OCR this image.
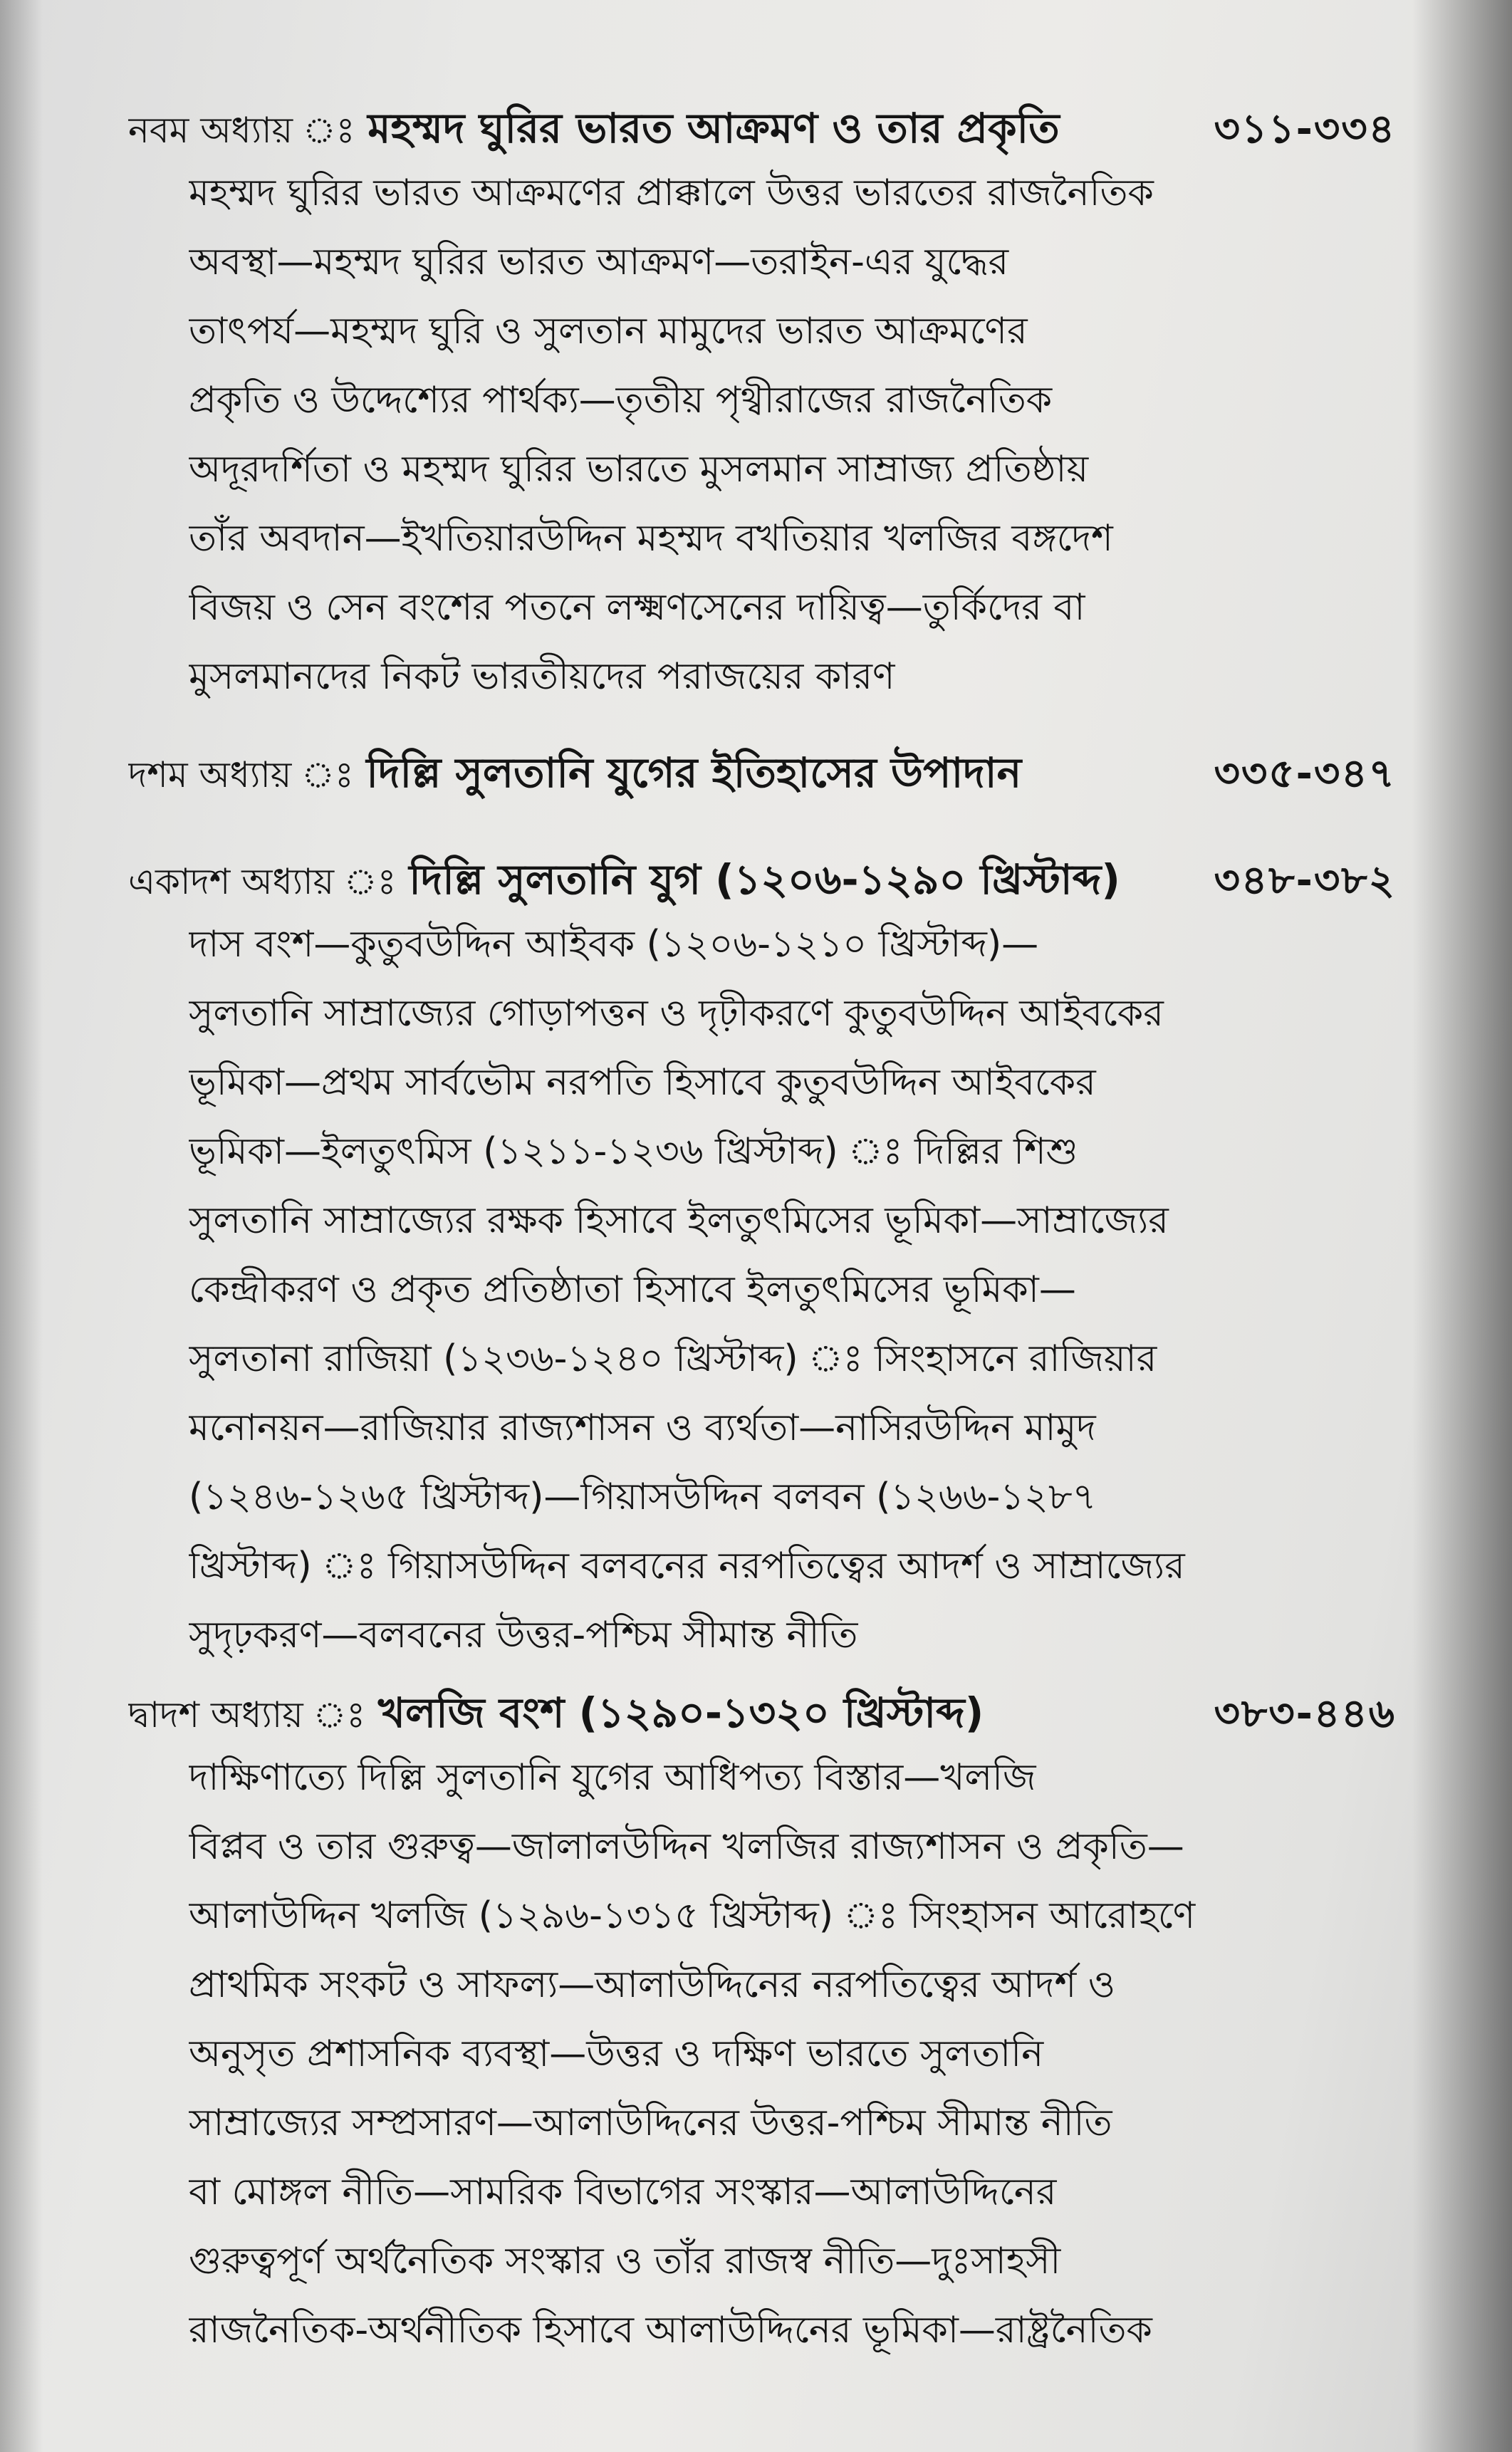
নবম অধ্যায় ঃ মহম্মদ ঘুরির ভারত আক্রমণ ও তার প্রকৃতি	৩১১-৩৩৪
মহম্মদ ঘুরির ভারত আক্রমণের প্রাক্কালে উত্তর ভারতের রাজনৈতিক
অবস্থা—মহম্মদ ঘুরির ভারত আক্রমণ—তরাইন-এর যুদ্ধের
তাৎপর্য—মহম্মদ ঘুরি ও সুলতান মামুদের ভারত আক্রমণের
প্রকৃতি ও উদ্দেশ্যের পার্থক্য—তৃতীয় পৃথ্বীরাজের রাজনৈতিক
অদূরদর্শিতা ও মহম্মদ ঘুরির ভারতে মুসলমান সাম্রাজ্য প্রতিষ্ঠায়
তাঁর অবদান—ইখতিয়ারউদ্দিন মহম্মদ বখতিয়ার খলজির বঙ্গদেশ
বিজয় ও সেন বংশের পতনে লক্ষ্মণসেনের দায়িত্ব—তুর্কিদের বা
মুসলমানদের নিকট ভারতীয়দের পরাজয়ের কারণ
দশম অধ্যায় ঃ দিল্লি সুলতানি যুগের ইতিহাসের উপাদান	৩৩৫-৩৪৭
একাদশ অধ্যায় ঃ দিল্লি সুলতানি যুগ (১২০৬-১২৯০ খ্রিস্টাব্দ)	৩৪৮-৩৮২
দাস বংশ—কুতুবউদ্দিন আইবক (১২০৬-১২১০ খ্রিস্টাব্দ)—
সুলতানি সাম্রাজ্যের গোড়াপত্তন ও দৃঢ়ীকরণে কুতুবউদ্দিন আইবকের
ভূমিকা—প্রথম সার্বভৌম নরপতি হিসাবে কুতুবউদ্দিন আইবকের
ভূমিকা—ইলতুৎমিস (১২১১-১২৩৬ খ্রিস্টাব্দ) ঃ দিল্লির শিশু
সুলতানি সাম্রাজ্যের রক্ষক হিসাবে ইলতুৎমিসের ভূমিকা—সাম্রাজ্যের
কেন্দ্রীকরণ ও প্রকৃত প্রতিষ্ঠাতা হিসাবে ইলতুৎমিসের ভূমিকা—
সুলতানা রাজিয়া (১২৩৬-১২৪০ খ্রিস্টাব্দ) ঃ সিংহাসনে রাজিয়ার
মনোনয়ন—রাজিয়ার রাজ্যশাসন ও ব্যর্থতা—নাসিরউদ্দিন মামুদ
(১২৪৬-১২৬৫ খ্রিস্টাব্দ)—গিয়াসউদ্দিন বলবন (১২৬৬-১২৮৭
খ্রিস্টাব্দ) ঃ গিয়াসউদ্দিন বলবনের নরপতিত্বের আদর্শ ও সাম্রাজ্যের
সুদৃঢ়করণ—বলবনের উত্তর-পশ্চিম সীমান্ত নীতি
দ্বাদশ অধ্যায় ঃ খলজি বংশ (১২৯০-১৩২০ খ্রিস্টাব্দ)	৩৮৩-৪৪৬
দাক্ষিণাত্যে দিল্লি সুলতানি যুগের আধিপত্য বিস্তার—খলজি
বিপ্লব ও তার গুরুত্ব—জালালউদ্দিন খলজির রাজ্যশাসন ও প্রকৃতি—
আলাউদ্দিন খলজি (১২৯৬-১৩১৫ খ্রিস্টাব্দ) ঃ সিংহাসন আরোহণে
প্রাথমিক সংকট ও সাফল্য—আলাউদ্দিনের নরপতিত্বের আদর্শ ও
অনুসৃত প্রশাসনিক ব্যবস্থা—উত্তর ও দক্ষিণ ভারতে সুলতানি
সাম্রাজ্যের সম্প্রসারণ—আলাউদ্দিনের উত্তর-পশ্চিম সীমান্ত নীতি
বা মোঙ্গল নীতি—সামরিক বিভাগের সংস্কার—আলাউদ্দিনের
গুরুত্বপূর্ণ অর্থনৈতিক সংস্কার ও তাঁর রাজস্ব নীতি—দুঃসাহসী
রাজনৈতিক-অর্থনীতিক হিসাবে আলাউদ্দিনের ভূমিকা—রাষ্ট্রনৈতিক
